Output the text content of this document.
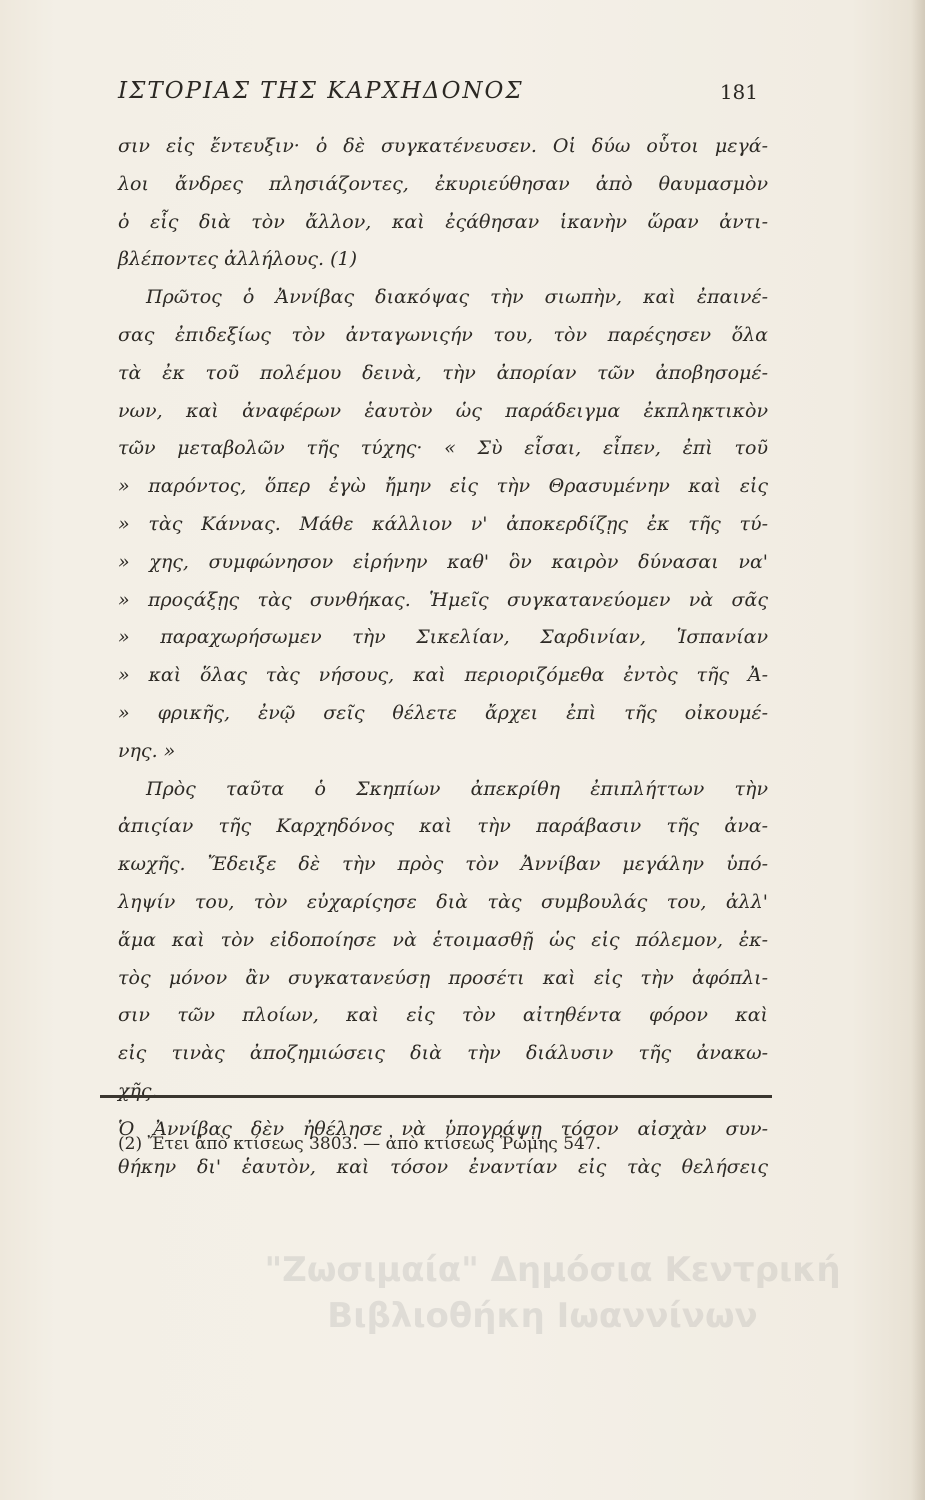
ΙΣΤΟΡΙΑΣ ΤΗΣ ΚΑΡΧΗΔΟΝΟΣ	181
σιν εἰς ἔντευξιν· ὁ δὲ συγκατένευσεν. Οἱ δύω οὗτοι μεγά-
λοι ἄνδρες πλησιάζοντες, ἐκυριεύθησαν ἀπὸ θαυμασμὸν
ὁ εἷς διὰ τὸν ἄλλον, καὶ ἐςάθησαν ἱκανὴν ὥραν ἀντι-
βλέποντες ἀλλήλους. (1)
Πρῶτος ὁ Ἀννίβας διακόψας τὴν σιωπὴν, καὶ ἐπαινέ-
σας ἐπιδεξίως τὸν ἀνταγωνιςήν του, τὸν παρέςησεν ὅλα
τὰ ἐκ τοῦ πολέμου δεινὰ, τὴν ἀπορίαν τῶν ἀποβησομέ-
νων, καὶ ἀναφέρων ἑαυτὸν ὡς παράδειγμα ἐκπληκτικὸν
τῶν μεταβολῶν τῆς τύχης· « Σὺ εἶσαι, εἶπεν, ἐπὶ τοῦ
» παρόντος, ὅπερ ἐγὼ ἤμην εἰς τὴν Θρασυμένην καὶ εἰς
» τὰς Κάννας. Μάθε κάλλιον ν' ἀποκερδίζῃς ἐκ τῆς τύ-
» χης, συμφώνησον εἰρήνην καθ' ὃν καιρὸν δύνασαι να'
» προςάξῃς τὰς συνθήκας. Ἡμεῖς συγκατανεύομεν νὰ σᾶς
» παραχωρήσωμεν τὴν Σικελίαν, Σαρδινίαν, Ἱσπανίαν
» καὶ ὅλας τὰς νήσους, καὶ περιοριζόμεθα ἐντὸς τῆς Ἀ-
» φρικῆς, ἐνῷ σεῖς θέλετε ἄρχει ἐπὶ τῆς οἰκουμέ-
νης. »
Πρὸς ταῦτα ὁ Σκηπίων ἀπεκρίθη ἐπιπλήττων τὴν
ἀπιςίαν τῆς Καρχηδόνος καὶ τὴν παράβασιν τῆς ἀνα-
κωχῆς. Ἔδειξε δὲ τὴν πρὸς τὸν Ἀννίβαν μεγάλην ὑπό-
ληψίν του, τὸν εὐχαρίςησε διὰ τὰς συμβουλάς του, ἀλλ'
ἅμα καὶ τὸν εἰδοποίησε νὰ ἑτοιμασθῇ ὡς εἰς πόλεμον, ἐκ-
τὸς μόνον ἂν συγκατανεύσῃ προσέτι καὶ εἰς τὴν ἀφόπλι-
σιν τῶν πλοίων, καὶ εἰς τὸν αἰτηθέντα φόρον καὶ
εἰς τινὰς ἀποζημιώσεις διὰ τὴν διάλυσιν τῆς ἀνακω-
χῆς.
Ὁ Ἀννίβας δὲν ἠθέλησε νὰ ὑπογράψῃ τόσον αἰσχὰν συν-
θήκην δι' ἑαυτὸν, καὶ τόσον ἐναντίαν εἰς τὰς θελήσεις
(2) Ἔτει ἀπὸ κτίσεως 3803. — ἀπὸ κτίσεως Ῥώμης 547.
"Ζωσιμαία" Δημόσια Κεντρική
Βιβλιοθήκη Ιωαννίνων
